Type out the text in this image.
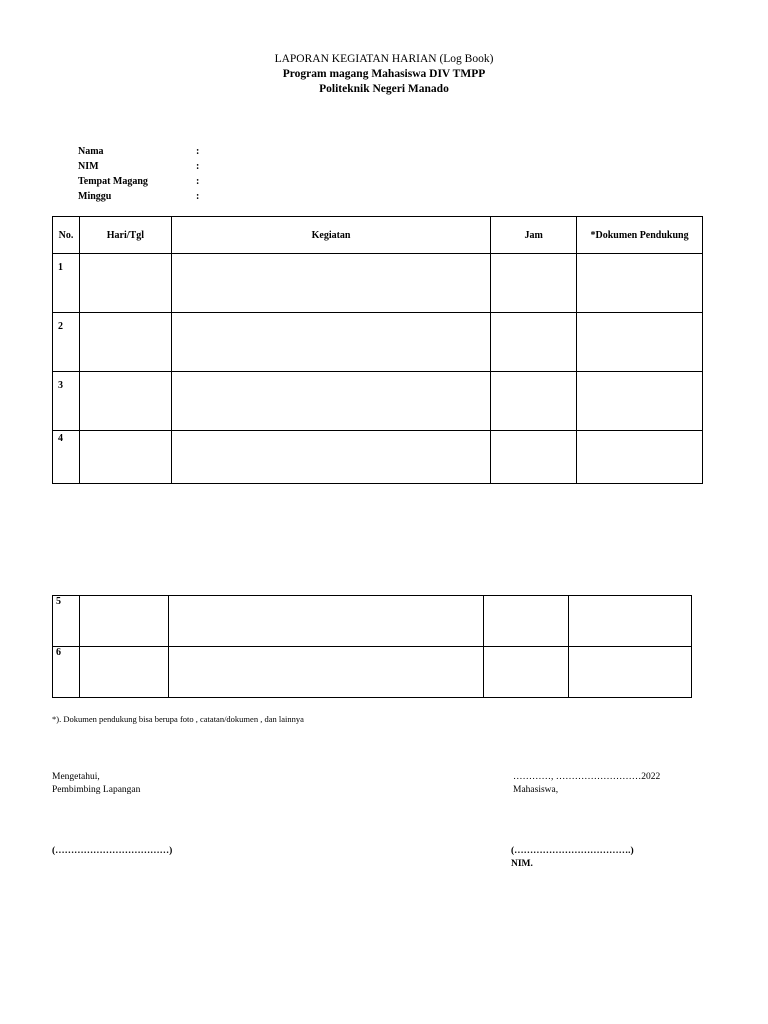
LAPORAN KEGIATAN HARIAN (Log Book)
Program magang Mahasiswa DIV TMPP
Politeknik Negeri Manado
Nama	:
NIM	:
Tempat Magang	:
Minggu	:
No.	Hari/Tgl	Kegiatan	Jam	*Dokumen Pendukung
1				
2				
3				
4				
5				
6				
*). Dokumen pendukung bisa berupa foto , catatan/dokumen , dan lainnya
Mengetahui,
Pembimbing Lapangan
…………, ………………………2022
Mahasiswa,
(………………………………)	(……………………………….)
NIM.
